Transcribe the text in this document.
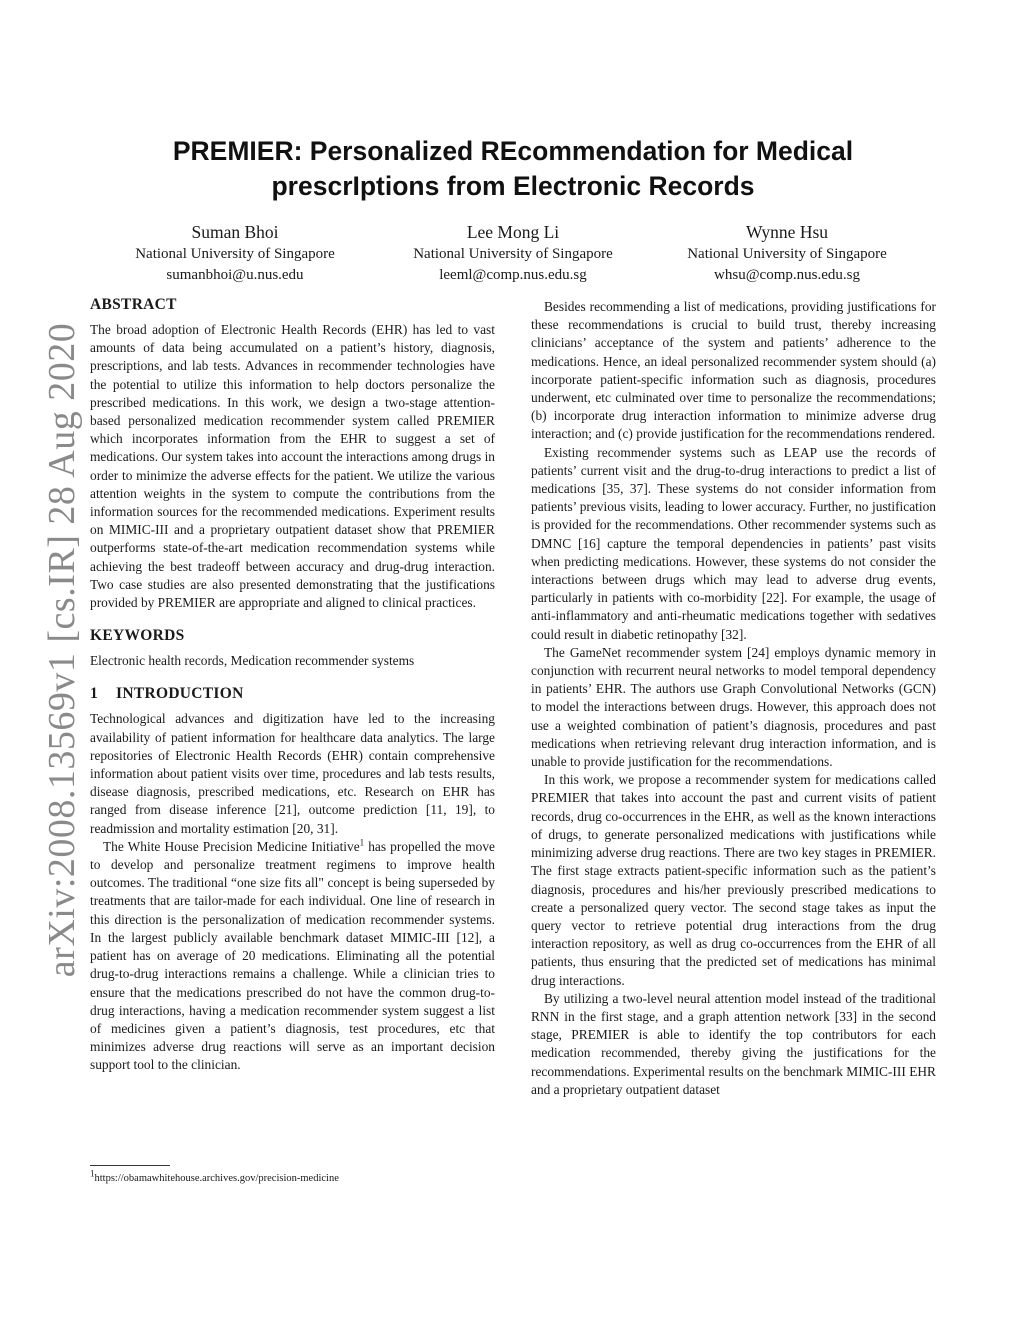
arXiv:2008.13569v1 [cs.IR] 28 Aug 2020
PREMIER: Personalized REcommendation for Medical
prescrIptions from Electronic Records
Suman Bhoi
National University of Singapore
sumanbhoi@u.nus.edu
Lee Mong Li
National University of Singapore
leeml@comp.nus.edu.sg
Wynne Hsu
National University of Singapore
whsu@comp.nus.edu.sg
ABSTRACT

The broad adoption of Electronic Health Records (EHR) has led to vast amounts of data being accumulated on a patient’s history, diagnosis, prescriptions, and lab tests. Advances in recommender technologies have the potential to utilize this information to help doctors personalize the prescribed medications. In this work, we design a two-stage attention-based personalized medication recommender system called PREMIER which incorporates information from the EHR to suggest a set of medications. Our system takes into account the interactions among drugs in order to minimize the adverse effects for the patient. We utilize the various attention weights in the system to compute the contributions from the information sources for the recommended medications. Experiment results on MIMIC-III and a proprietary outpatient dataset show that PREMIER outperforms state-of-the-art medication recommendation systems while achieving the best tradeoff between accuracy and drug-drug interaction. Two case studies are also presented demonstrating that the justifications provided by PREMIER are appropriate and aligned to clinical practices.

KEYWORDS

Electronic health records, Medication recommender systems

1 INTRODUCTION

Technological advances and digitization have led to the increasing availability of patient information for healthcare data analytics. The large repositories of Electronic Health Records (EHR) contain comprehensive information about patient visits over time, procedures and lab tests results, disease diagnosis, prescribed medications, etc. Research on EHR has ranged from disease inference [21], outcome prediction [11, 19], to readmission and mortality estimation [20, 31].

The White House Precision Medicine Initiative$^1$ has propelled the move to develop and personalize treatment regimens to improve health outcomes. The traditional “one size fits all" concept is being superseded by treatments that are tailor-made for each individual. One line of research in this direction is the personalization of medication recommender systems. In the largest publicly available benchmark dataset MIMIC-III [12], a patient has on average of 20 medications. Eliminating all the potential drug-to-drug interactions remains a challenge. While a clinician tries to ensure that the medications prescribed do not have the common drug-to-drug interactions, having a medication recommender system suggest a list of medicines given a patient’s diagnosis, test procedures, etc that minimizes adverse drug reactions will serve as an important decision support tool to the clinician.

$^1$https://obamawhitehouse.archives.gov/precision-medicine

Besides recommending a list of medications, providing justifications for these recommendations is crucial to build trust, thereby increasing clinicians’ acceptance of the system and patients’ adherence to the medications. Hence, an ideal personalized recommender system should (a) incorporate patient-specific information such as diagnosis, procedures underwent, etc culminated over time to personalize the recommendations; (b) incorporate drug interaction information to minimize adverse drug interaction; and (c) provide justification for the recommendations rendered.

Existing recommender systems such as LEAP use the records of patients’ current visit and the drug-to-drug interactions to predict a list of medications [35, 37]. These systems do not consider information from patients’ previous visits, leading to lower accuracy. Further, no justification is provided for the recommendations. Other recommender systems such as DMNC [16] capture the temporal dependencies in patients’ past visits when predicting medications. However, these systems do not consider the interactions between drugs which may lead to adverse drug events, particularly in patients with co-morbidity [22]. For example, the usage of anti-inflammatory and anti-rheumatic medications together with sedatives could result in diabetic retinopathy [32].

The GameNet recommender system [24] employs dynamic memory in conjunction with recurrent neural networks to model temporal dependency in patients’ EHR. The authors use Graph Convolutional Networks (GCN) to model the interactions between drugs. However, this approach does not use a weighted combination of patient’s diagnosis, procedures and past medications when retrieving relevant drug interaction information, and is unable to provide justification for the recommendations.

In this work, we propose a recommender system for medications called PREMIER that takes into account the past and current visits of patient records, drug co-occurrences in the EHR, as well as the known interactions of drugs, to generate personalized medications with justifications while minimizing adverse drug reactions. There are two key stages in PREMIER. The first stage extracts patient-specific information such as the patient’s diagnosis, procedures and his/her previously prescribed medications to create a personalized query vector. The second stage takes as input the query vector to retrieve potential drug interactions from the drug interaction repository, as well as drug co-occurrences from the EHR of all patients, thus ensuring that the predicted set of medications has minimal drug interactions.

By utilizing a two-level neural attention model instead of the traditional RNN in the first stage, and a graph attention network [33] in the second stage, PREMIER is able to identify the top contributors for each medication recommended, thereby giving the justifications for the recommendations. Experimental results on the benchmark MIMIC-III EHR and a proprietary outpatient dataset
